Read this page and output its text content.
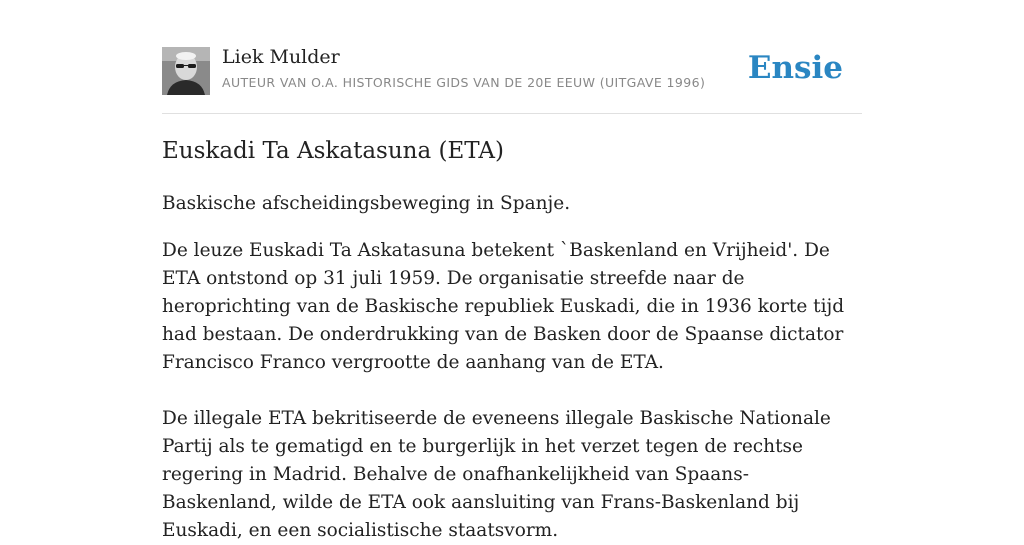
Liek Mulder
AUTEUR VAN O.A. HISTORISCHE GIDS VAN DE 20E EEUW (UITGAVE 1996) Ensie
Euskadi Ta Askatasuna (ETA)

Baskische afscheidingsbeweging in Spanje.

De leuze Euskadi Ta Askatasuna betekent `Baskenland en Vrijheid'. De ETA ontstond op 31 juli 1959. De organisatie streefde naar de heroprichting van de Baskische republiek Euskadi, die in 1936 korte tijd had bestaan. De onderdrukking van de Basken door de Spaanse dictator Francisco Franco vergrootte de aanhang van de ETA.

De illegale ETA bekritiseerde de eveneens illegale Baskische Nationale Partij als te gematigd en te burgerlijk in het verzet tegen de rechtse regering in Madrid. Behalve de onafhankelijkheid van Spaans-Baskenland, wilde de ETA ook aansluiting van Frans-Baskenland bij Euskadi, en een socialistische staatsvorm.
